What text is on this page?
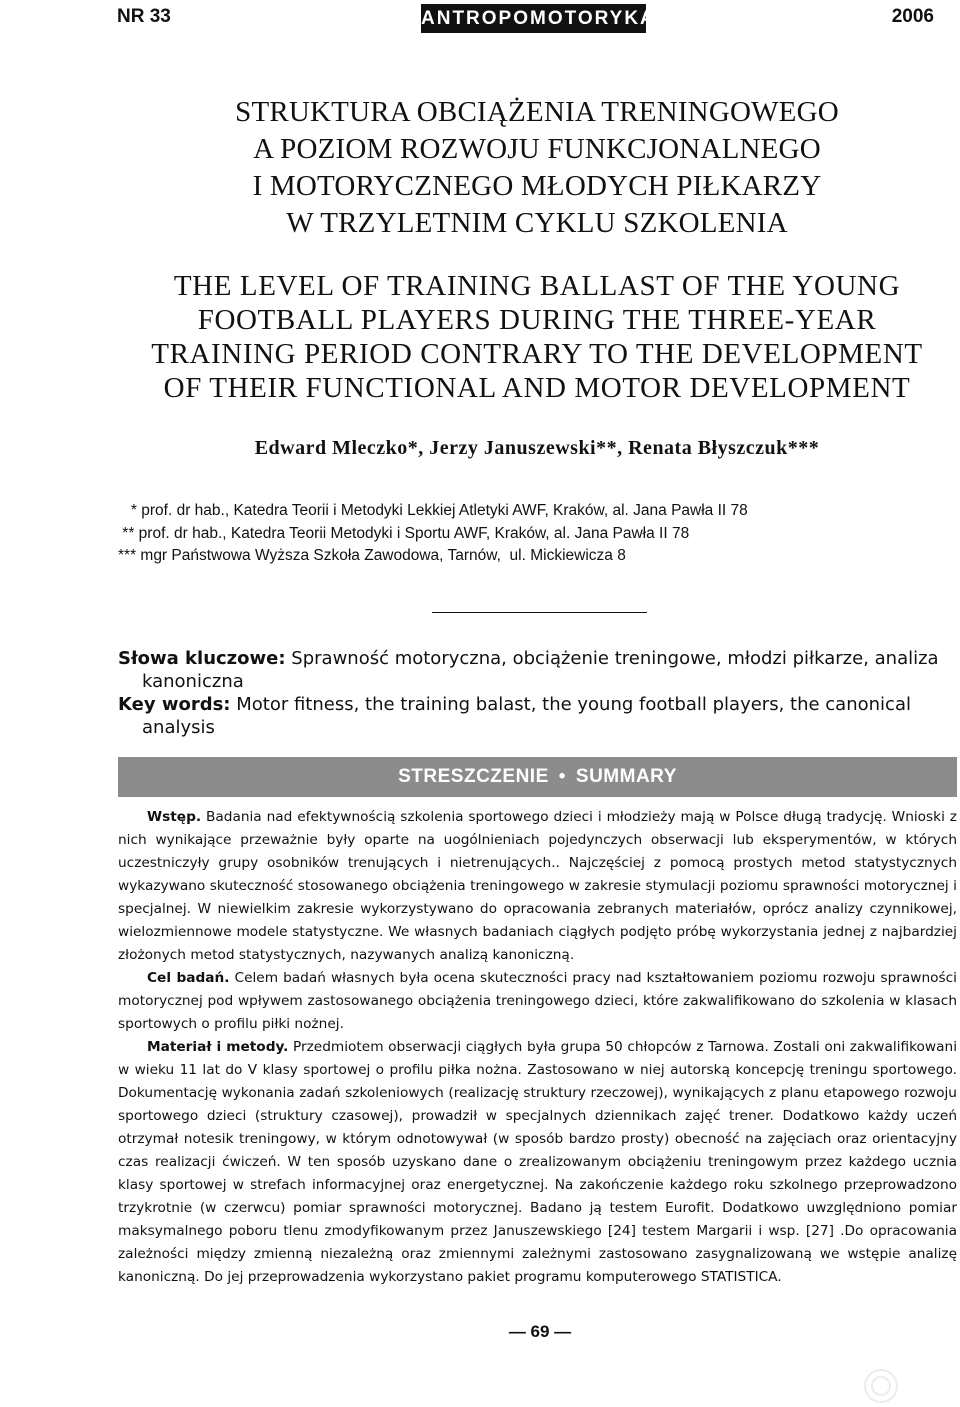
NR 33	ANTROPOMOTORYKA	2006
STRUKTURA OBCIĄŻENIA TRENINGOWEGO
A POZIOM ROZWOJU FUNKCJONALNEGO
I MOTORYCZNEGO MŁODYCH PIŁKARZY
W TRZYLETNIM CYKLU SZKOLENIA
THE LEVEL OF TRAINING BALLAST OF THE YOUNG
FOOTBALL PLAYERS DURING THE THREE-YEAR
TRAINING PERIOD CONTRARY TO THE DEVELOPMENT
OF THEIR FUNCTIONAL AND MOTOR DEVELOPMENT
Edward Mleczko*, Jerzy Januszewski**, Renata Błyszczuk***
* prof. dr hab., Katedra Teorii i Metodyki Lekkiej Atletyki AWF, Kraków, al. Jana Pawła II 78
** prof. dr hab., Katedra Teorii Metodyki i Sportu AWF, Kraków, al. Jana Pawła II 78
*** mgr Państwowa Wyższa Szkoła Zawodowa, Tarnów,  ul. Mickiewicza 8

Słowa kluczowe: Sprawność motoryczna, obciążenie treningowe, młodzi piłkarze, analiza kanoniczna

Key words: Motor fitness, the training balast, the young football players, the canonical analysis

STRESZCZENIE • SUMMARY

Wstęp. Badania nad efektywnością szkolenia sportowego dzieci i młodzieży mają w Polsce długą tradycję. Wnioski z nich wynikające przeważnie były oparte na uogólnieniach pojedynczych obserwacji lub eksperymentów, w których uczestniczyły grupy osobników trenujących i nietrenujących.. Najczęściej z pomocą prostych metod statystycznych wykazywano skuteczność stosowanego obciążenia treningowego w zakresie stymulacji poziomu sprawności motorycznej i specjalnej. W niewielkim zakresie wykorzystywano do opracowania zebranych materiałów, oprócz analizy czynnikowej, wielozmiennowe modele statystyczne. We własnych badaniach ciągłych podjęto próbę wykorzystania jednej z najbardziej złożonych metod statystycznych, nazywanych analizą kanoniczną.

Cel badań. Celem badań własnych była ocena skuteczności pracy nad kształtowaniem poziomu rozwoju sprawności motorycznej pod wpływem zastosowanego obciążenia treningowego dzieci, które zakwalifikowano do szkolenia w klasach sportowych o profilu piłki nożnej.

Materiał i metody. Przedmiotem obserwacji ciągłych była grupa 50 chłopców z Tarnowa. Zostali oni zakwalifikowani w wieku 11 lat do V klasy sportowej o profilu piłka nożna. Zastosowano w niej autorską koncepcję treningu sportowego. Dokumentację wykonania zadań szkoleniowych (realizację struktury rzeczowej), wynikających z planu etapowego rozwoju sportowego dzieci (struktury czasowej), prowadził w specjalnych dziennikach zajęć trener. Dodatkowo każdy uczeń otrzymał notesik treningowy, w którym odnotowywał (w sposób bardzo prosty) obecność na zajęciach oraz orientacyjny czas realizacji ćwiczeń. W ten sposób uzyskano dane o zrealizowanym obciążeniu treningowym przez każdego ucznia klasy sportowej w strefach informacyjnej oraz energetycznej. Na zakończenie każdego roku szkolnego przeprowadzono trzykrotnie (w czerwcu) pomiar sprawności motorycznej. Badano ją testem Eurofit. Dodatkowo uwzględniono pomiar maksymalnego poboru tlenu zmodyfikowanym przez Januszewskiego [24] testem Margarii i wsp. [27] .Do opracowania zależności między zmienną niezależną oraz zmiennymi zależnymi zastosowano zasygnalizowaną we wstępie analizę kanoniczną. Do jej przeprowadzenia wykorzystano pakiet programu komputerowego STATISTICA.

— 69 —
